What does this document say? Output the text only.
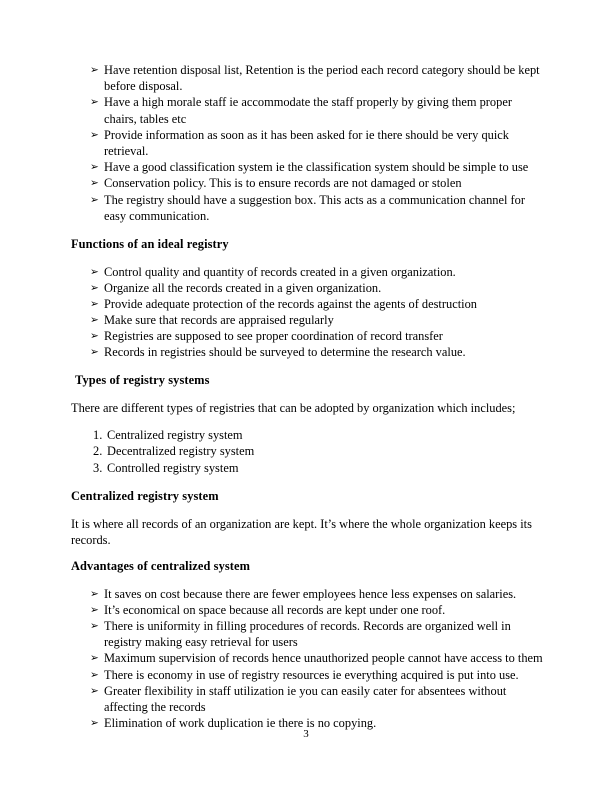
➢ Have retention disposal list, Retention is the period each record category should be kept before disposal.
➢ Have a high morale staff ie accommodate the staff properly by giving them proper chairs, tables etc
➢ Provide information as soon as it has been asked for ie there should be very quick retrieval.
➢ Have a good classification system ie the classification system should be simple to use
➢ Conservation policy. This is to ensure records are not damaged or stolen
➢ The registry should have a suggestion box. This acts as a communication channel for easy communication.
Functions of an ideal registry
➢ Control quality and quantity of records created in a given organization.
➢ Organize all the records created in a given organization.
➢ Provide adequate protection of the records against the agents of destruction
➢ Make sure that records are appraised regularly
➢ Registries are supposed to see proper coordination of record transfer
➢ Records in registries should be surveyed to determine the research value.
Types of registry systems

There are different types of registries that can be adopted by organization which includes;

1. Centralized registry system
2. Decentralized registry system
3. Controlled registry system
Centralized registry system

It is where all records of an organization are kept. It’s where the whole organization keeps its records.

Advantages of centralized system
➢ It saves on cost because there are fewer employees hence less expenses on salaries.
➢ It’s economical on space because all records are kept under one roof.
➢ There is uniformity in filling procedures of records. Records are organized well in registry making easy retrieval for users
➢ Maximum supervision of records hence unauthorized people cannot have access to them
➢ There is economy in use of registry resources ie everything acquired is put into use.
➢ Greater flexibility in staff utilization ie you can easily cater for absentees without affecting the records
➢ Elimination of work duplication ie there is no copying.
3
